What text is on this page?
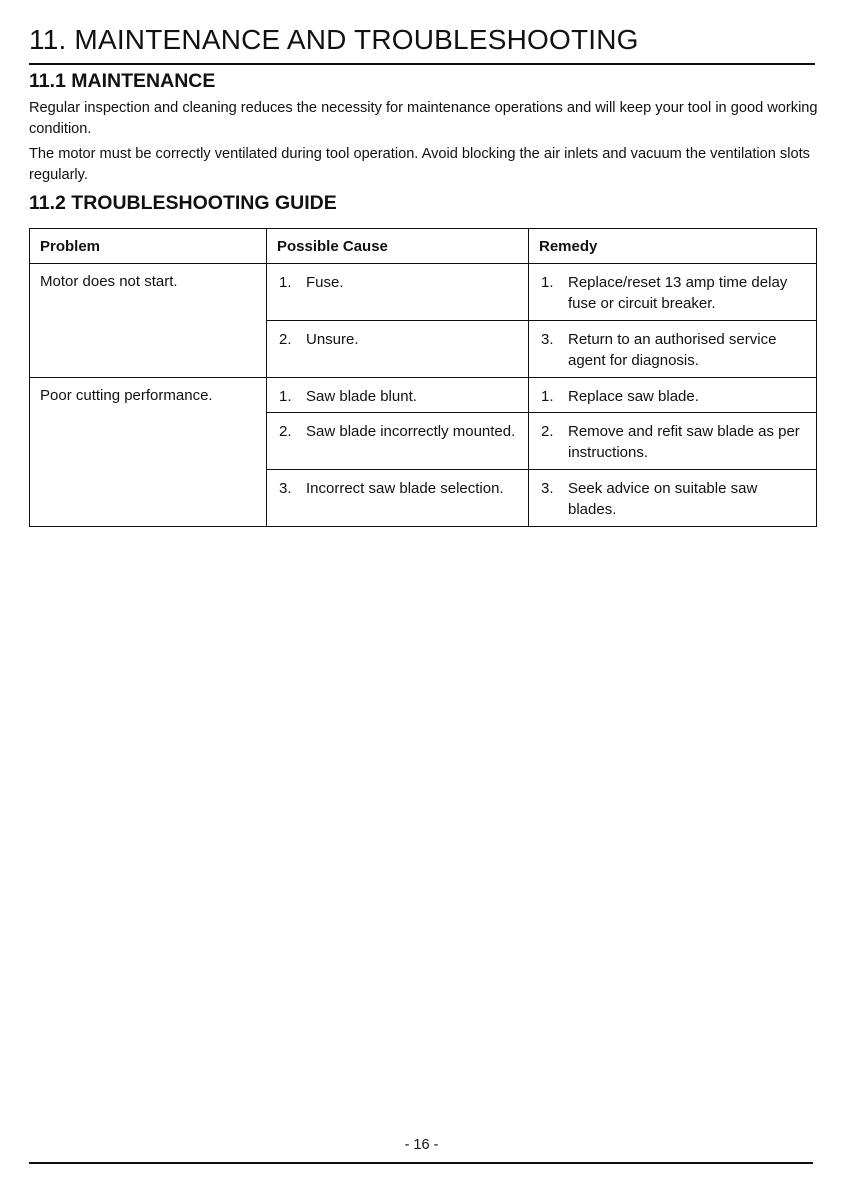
11. MAINTENANCE AND TROUBLESHOOTING
11.1 MAINTENANCE

Regular inspection and cleaning reduces the necessity for maintenance operations and will keep your tool in good working condition.

The motor must be correctly ventilated during tool operation. Avoid blocking the air inlets and vacuum the ventilation slots regularly.

11.2 TROUBLESHOOTING GUIDE
Problem	Possible Cause	Remedy
Motor does not start.	1. Fuse.	1. Replace/reset 13 amp time delay fuse or circuit breaker.

	2. Unsure.	3. Return to an authorised service agent for diagnosis.

Poor cutting performance.	1. Saw blade blunt.	1. Replace saw blade.

	2. Saw blade incorrectly mounted.	2. Remove and refit saw blade as per instructions.

	3. Incorrect saw blade selection.	3. Seek advice on suitable saw blades.
- 16 -
